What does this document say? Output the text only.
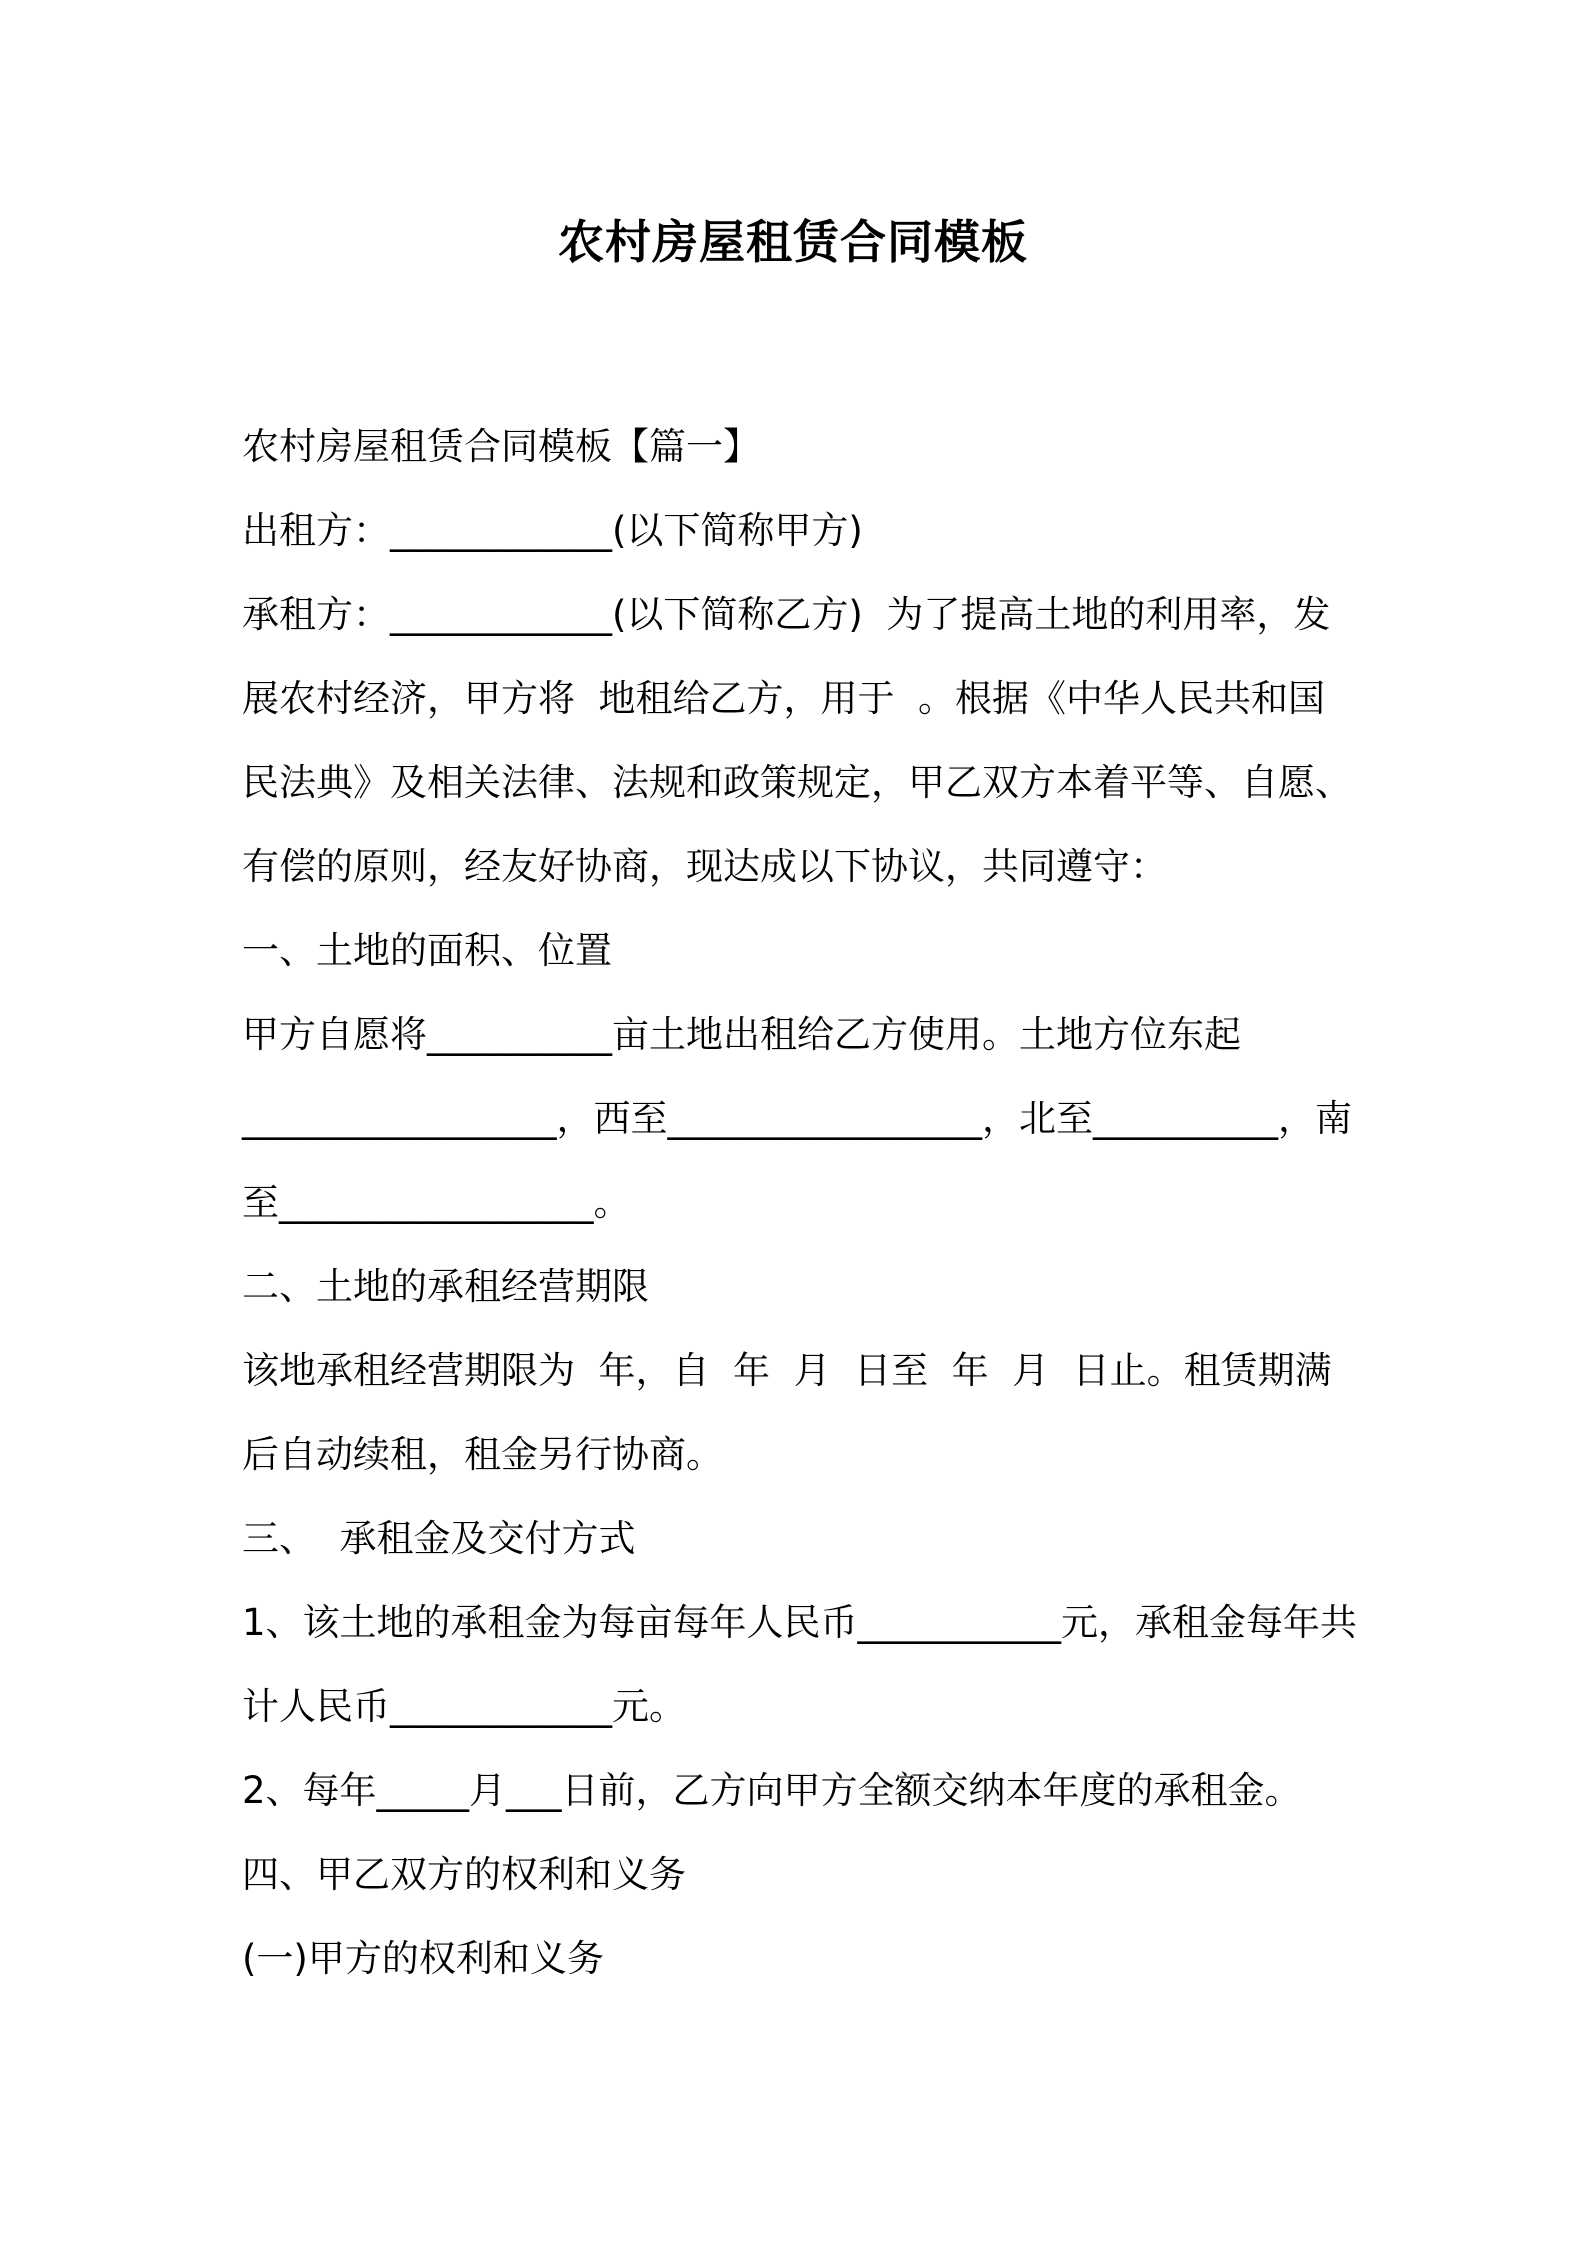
农村房屋租赁合同模板

农村房屋租赁合同模板【篇一】

出租方：____________(以下简称甲方)

承租方：____________(以下简称乙方)  为了提高土地的利用率，发展农村经济，甲方将  地租给乙方，用于  。根据《中华人民共和国民法典》及相关法律、法规和政策规定，甲乙双方本着平等、自愿、有偿的原则，经友好协商，现达成以下协议，共同遵守：

一、土地的面积、位置

甲方自愿将__________亩土地出租给乙方使用。土地方位东起

_________________，西至_________________，北至__________，南至_________________。

二、土地的承租经营期限

该地承租经营期限为  年，自  年  月  日至  年  月  日止。租赁期满后自动续租，租金另行协商。

三、  承租金及交付方式

1、该土地的承租金为每亩每年人民币___________元，承租金每年共计人民币____________元。

2、每年_____月___日前，乙方向甲方全额交纳本年度的承租金。

四、甲乙双方的权利和义务

(一)甲方的权利和义务
